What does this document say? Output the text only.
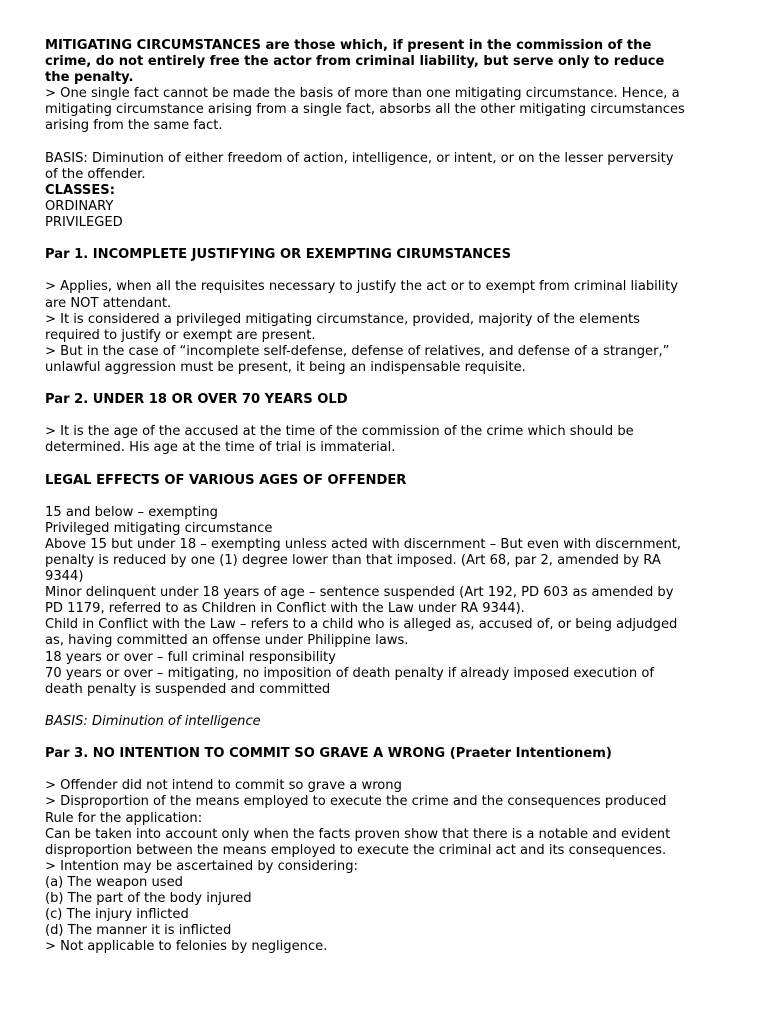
MITIGATING CIRCUMSTANCES are those which, if present in the commission of the
crime, do not entirely free the actor from criminal liability, but serve only to reduce
the penalty.
> One single fact cannot be made the basis of more than one mitigating circumstance. Hence, a
mitigating circumstance arising from a single fact, absorbs all the other mitigating circumstances
arising from the same fact.
BASIS: Diminution of either freedom of action, intelligence, or intent, or on the lesser perversity
of the offender.
CLASSES:
ORDINARY
PRIVILEGED
Par 1. INCOMPLETE JUSTIFYING OR EXEMPTING CIRUMSTANCES
> Applies, when all the requisites necessary to justify the act or to exempt from criminal liability
are NOT attendant.
> It is considered a privileged mitigating circumstance, provided, majority of the elements
required to justify or exempt are present.
> But in the case of “incomplete self-defense, defense of relatives, and defense of a stranger,”
unlawful aggression must be present, it being an indispensable requisite.
Par 2. UNDER 18 OR OVER 70 YEARS OLD
> It is the age of the accused at the time of the commission of the crime which should be
determined. His age at the time of trial is immaterial.
LEGAL EFFECTS OF VARIOUS AGES OF OFFENDER
15 and below – exempting
Privileged mitigating circumstance
Above 15 but under 18 – exempting unless acted with discernment – But even with discernment,
penalty is reduced by one (1) degree lower than that imposed. (Art 68, par 2, amended by RA
9344)
Minor delinquent under 18 years of age – sentence suspended (Art 192, PD 603 as amended by
PD 1179, referred to as Children in Conflict with the Law under RA 9344).
Child in Conflict with the Law – refers to a child who is alleged as, accused of, or being adjudged
as, having committed an offense under Philippine laws.
18 years or over – full criminal responsibility
70 years or over – mitigating, no imposition of death penalty if already imposed execution of
death penalty is suspended and committed
BASIS: Diminution of intelligence
Par 3. NO INTENTION TO COMMIT SO GRAVE A WRONG (Praeter Intentionem)
> Offender did not intend to commit so grave a wrong
> Disproportion of the means employed to execute the crime and the consequences produced
Rule for the application:
Can be taken into account only when the facts proven show that there is a notable and evident
disproportion between the means employed to execute the criminal act and its consequences.
> Intention may be ascertained by considering:
(a) The weapon used
(b) The part of the body injured
(c) The injury inflicted
(d) The manner it is inflicted
> Not applicable to felonies by negligence.
